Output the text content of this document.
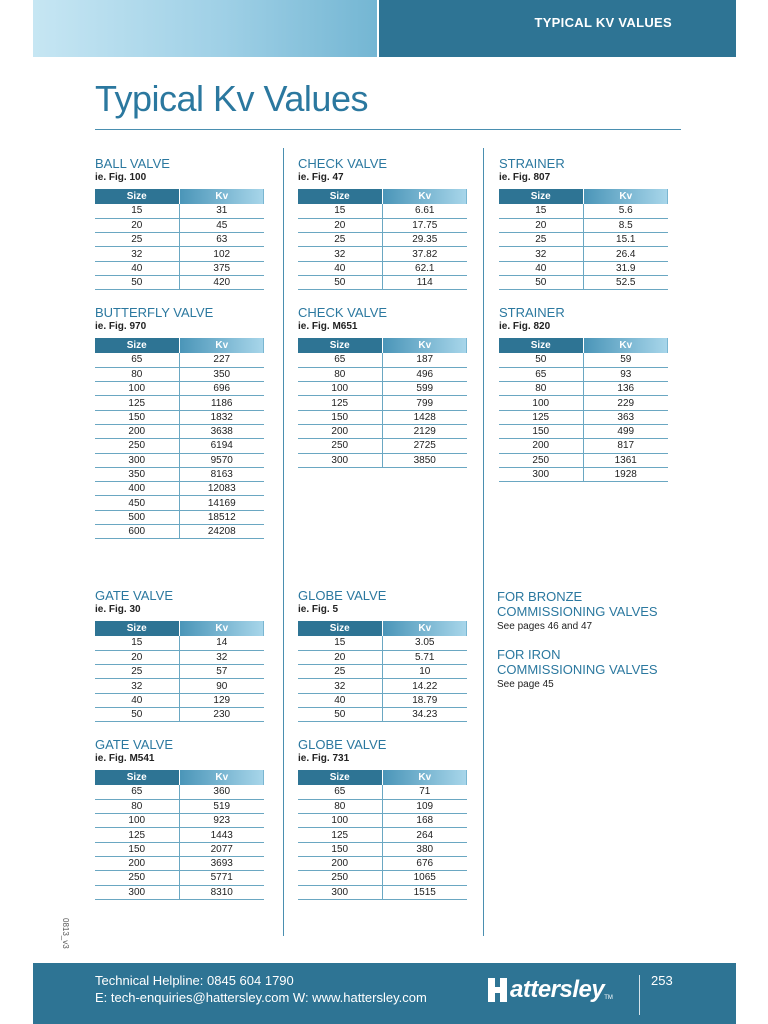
TYPICAL KV VALUES
Typical Kv Values
BALL VALVE
ie. Fig. 100
Size	Kv
15	31
20	45
25	63
32	102
40	375
50	420
CHECK VALVE
ie. Fig. 47
Size	Kv
15	6.61
20	17.75
25	29.35
32	37.82
40	62.1
50	114
STRAINER
ie. Fig. 807
Size	Kv
15	5.6
20	8.5
25	15.1
32	26.4
40	31.9
50	52.5
BUTTERFLY VALVE
ie. Fig. 970
Size	Kv
65	227
80	350
100	696
125	1186
150	1832
200	3638
250	6194
300	9570
350	8163
400	12083
450	14169
500	18512
600	24208
CHECK VALVE
ie. Fig. M651
Size	Kv
65	187
80	496
100	599
125	799
150	1428
200	2129
250	2725
300	3850
STRAINER
ie. Fig. 820
Size	Kv
50	59
65	93
80	136
100	229
125	363
150	499
200	817
250	1361
300	1928
GATE VALVE
ie. Fig. 30
Size	Kv
15	14
20	32
25	57
32	90
40	129
50	230
GLOBE VALVE
ie. Fig. 5
Size	Kv
15	3.05
20	5.71
25	10
32	14.22
40	18.79
50	34.23
GATE VALVE
ie. Fig. M541
Size	Kv
65	360
80	519
100	923
125	1443
150	2077
200	3693
250	5771
300	8310
GLOBE VALVE
ie. Fig. 731
Size	Kv
65	71
80	109
100	168
125	264
150	380
200	676
250	1065
300	1515
FOR BRONZE
COMMISSIONING VALVES
See pages 46 and 47
FOR IRON
COMMISSIONING VALVES
See page 45
0813_v3
Technical Helpline: 0845 604 1790
E: tech-enquiries@hattersley.com W: www.hattersley.com	attersley TM
253
